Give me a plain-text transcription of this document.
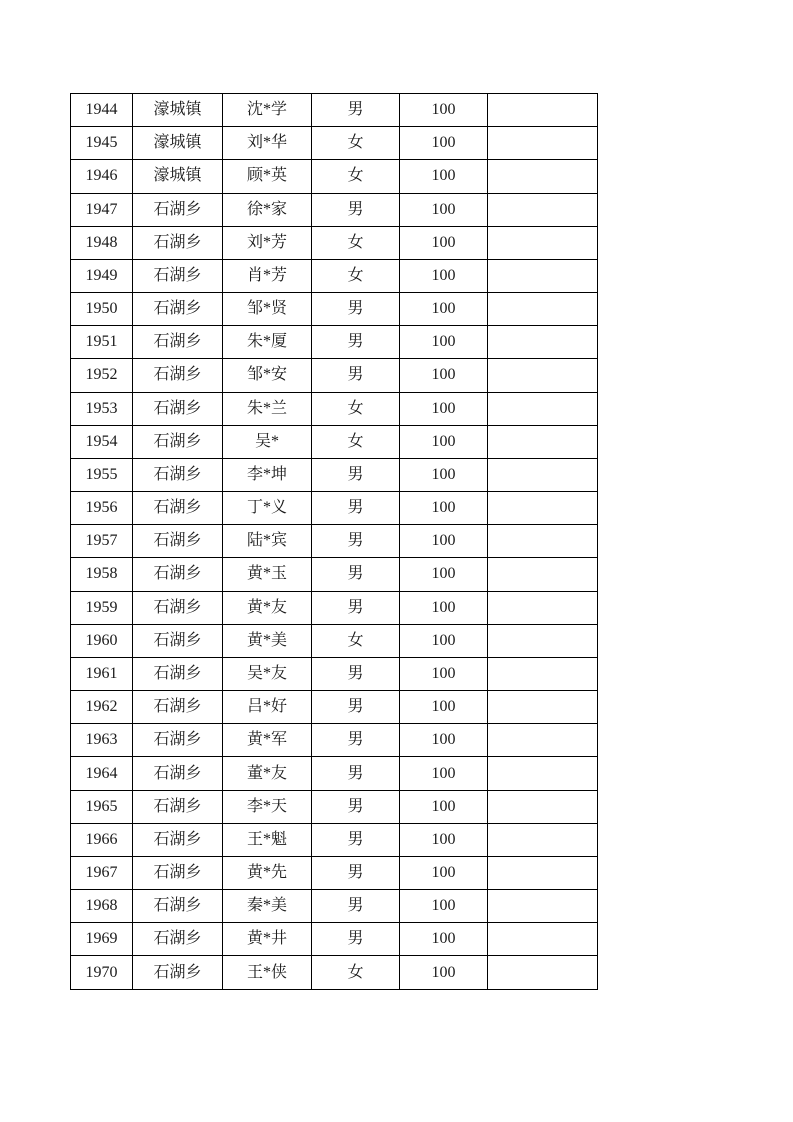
1944	濠城镇	沈*学	男	100	
1945	濠城镇	刘*华	女	100	
1946	濠城镇	顾*英	女	100	
1947	石湖乡	徐*家	男	100	
1948	石湖乡	刘*芳	女	100	
1949	石湖乡	肖*芳	女	100	
1950	石湖乡	邹*贤	男	100	
1951	石湖乡	朱*厦	男	100	
1952	石湖乡	邹*安	男	100	
1953	石湖乡	朱*兰	女	100	
1954	石湖乡	吴*	女	100	
1955	石湖乡	李*坤	男	100	
1956	石湖乡	丁*义	男	100	
1957	石湖乡	陆*宾	男	100	
1958	石湖乡	黄*玉	男	100	
1959	石湖乡	黄*友	男	100	
1960	石湖乡	黄*美	女	100	
1961	石湖乡	吴*友	男	100	
1962	石湖乡	吕*好	男	100	
1963	石湖乡	黄*军	男	100	
1964	石湖乡	董*友	男	100	
1965	石湖乡	李*天	男	100	
1966	石湖乡	王*魁	男	100	
1967	石湖乡	黄*先	男	100	
1968	石湖乡	秦*美	男	100	
1969	石湖乡	黄*井	男	100	
1970	石湖乡	王*侠	女	100	
